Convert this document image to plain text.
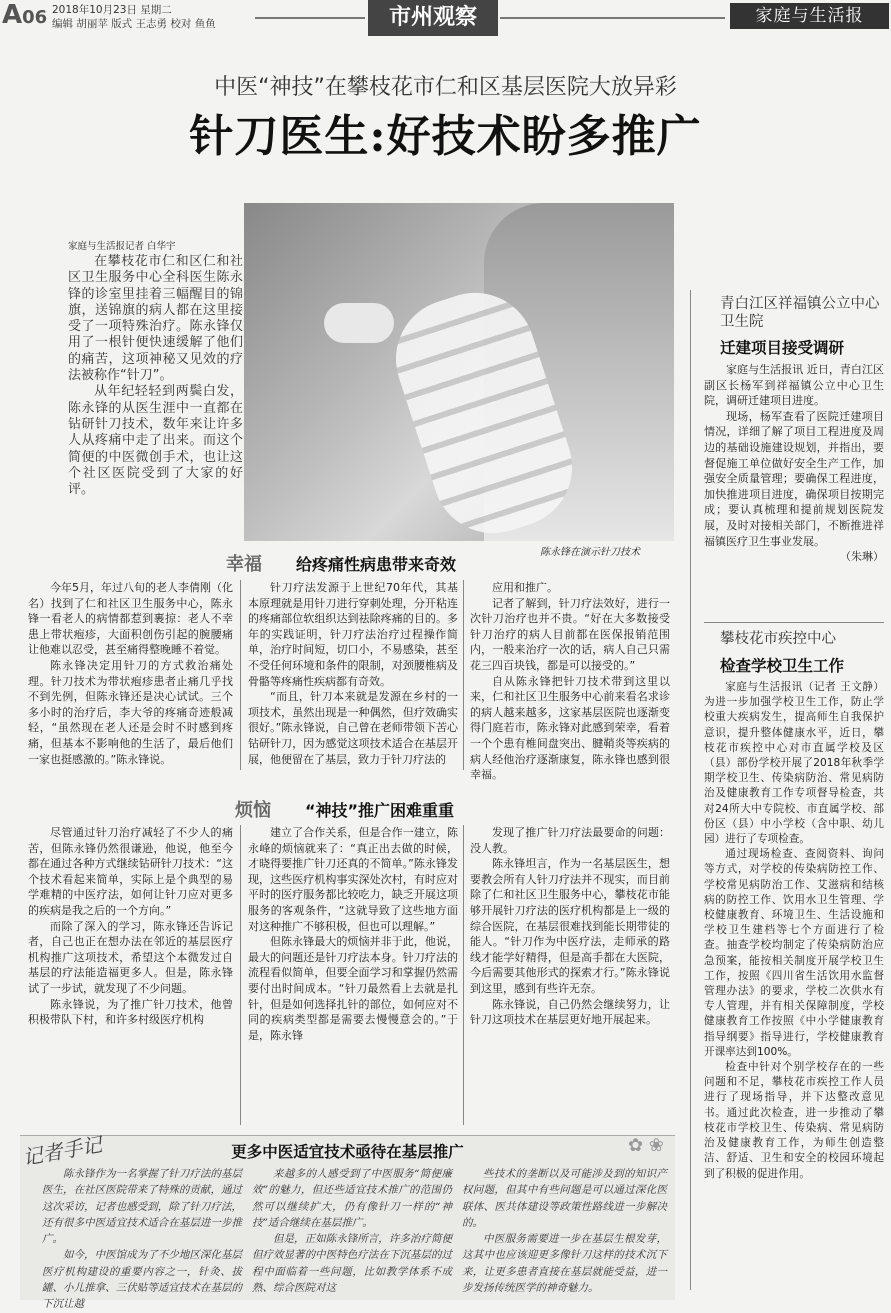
A06 2018年10月23日 星期二
编辑 胡丽苹 版式 王志勇 校对 鱼鱼	市州观察	家庭与生活报
中医“神技”在攀枝花市仁和区基层医院大放异彩
针刀医生:好技术盼多推广
家庭与生活报记者 白华宇

在攀枝花市仁和区仁和社区卫生服务中心全科医生陈永锋的诊室里挂着三幅醒目的锦旗，送锦旗的病人都在这里接受了一项特殊治疗。陈永锋仅用了一根针便快速缓解了他们的痛苦，这项神秘又见效的疗法被称作“针刀”。

从年纪轻轻到两鬓白发，陈永锋的从医生涯中一直都在钻研针刀技术，数年来让许多人从疼痛中走了出来。而这个简便的中医微创手术，也让这个社区医院受到了大家的好评。

陈永锋在演示针刀技术
幸福 给疼痛性病患带来奇效

今年5月，年过八旬的老人李倩刚（化名）找到了仁和社区卫生服务中心，陈永锋一看老人的病情都惹到裹掠：老人不幸患上带状疱疹，大面积创伤引起的腕腰痛让他难以忍受，甚至痛得整晚睡不着觉。

陈永锋决定用针刀的方式救治痛处理。针刀技术为带状疱疹患者止痛几乎找不到先例，但陈永锋还是决心试试。三个多小时的治疗后，李大爷的疼痛奇迹般减轻，“虽然现在老人还是会时不时感到疼痛，但基本不影响他的生活了，最后他们一家也挺感激的。”陈永锋说。

针刀疗法发源于上世纪70年代，其基本原理就是用针刀进行穿刺处理，分开粘连的疼痛部位软组织达到祛除疼痛的目的。多年的实践证明，针刀疗法治疗过程操作简单，治疗时间短，切口小，不易感染，甚至不受任何环境和条件的限制，对颈腰椎病及骨骼等疼痛性疾病都有奇效。

“而且，针刀本来就是发源在乡村的一项技术，虽然出现是一种偶然，但疗效确实很好。”陈永锋说，自己曾在老师带领下苦心钻研针刀，因为感觉这项技术适合在基层开展，他便留在了基层，致力于针刀疗法的

应用和推广。

记者了解到，针刀疗法效好，进行一次针刀治疗也并不贵。“好在大多数接受针刀治疗的病人目前都在医保报销范围内，一般来治疗一次的话，病人自己只需花三四百块钱，都是可以接受的。”

自从陈永锋把针刀技术带到这里以来，仁和社区卫生服务中心前来看名求诊的病人越来越多，这家基层医院也逐渐变得门庭若市，陈永锋对此感到荣幸，看着一个个患有椎间盘突出、腱鞘炎等疾病的病人经他治疗逐渐康复，陈永锋也感到很幸福。

烦恼 “神技”推广困难重重

尽管通过针刀治疗减轻了不少人的痛苦，但陈永锋仍然很谦逊，他说，他至今都在通过各种方式继续钻研针刀技术：“这个技术看起来简单，实际上是个典型的易学难精的中医疗法，如何让针刀应对更多的疾病是我之后的一个方向。”

而除了深入的学习，陈永锋还告诉记者，自己也正在想办法在邻近的基层医疗机构推广这项技术，希望这个本微发过自基层的疗法能造福更多人。但是，陈永锋试了一步试，就发现了不少问题。

陈永锋说，为了推广针刀技术，他曾积极带队下村，和许多村级医疗机构

建立了合作关系，但是合作一建立，陈永峰的烦恼就来了：“真正出去做的时候，才晓得要推广针刀还真的不简单。”陈永锋发现，这些医疗机构事实深处次村，有时应对平时的医疗服务都比较吃力，缺乏开展这项服务的客观条件，“这就导致了这些地方面对这种推广不够积极，但也可以理解。”

但陈永锋最大的烦恼并非于此，他说，最大的问题还是针刀疗法本身。针刀疗法的流程看似简单，但要全面学习和掌握仍然需要付出时间成本。“针刀最然看上去就是扎针，但是如何选择扎针的部位，如何应对不同的疾病类型都是需要去慢慢意会的。”于是，陈永锋

发现了推广针刀疗法最要命的问题：没人教。

陈永锋坦言，作为一名基层医生，想要教会所有人针刀疗法并不现实，而目前除了仁和社区卫生服务中心，攀枝花市能够开展针刀疗法的医疗机构都是上一级的综合医院，在基层很难找到能长期带徒的能人。“针刀作为中医疗法，走师承的路线才能学好精得，但是高手都在大医院，今后需要其他形式的探索才行。”陈永锋说到这里，感到有些许无奈。

陈永锋说，自己仍然会继续努力，让针刀这项技术在基层更好地开展起来。

记者手记	✿ ❀
更多中医适宜技术亟待在基层推广

陈永锋作为一名掌握了针刀疗法的基层医生，在社区医院带来了特殊的贡献，通过这次采访，记者也感受到，除了针刀疗法，还有很多中医适宜技术适合在基层进一步推广。

如今，中医馆成为了不少地区深化基层医疗机构建设的重要内容之一，针灸、拔罐、小儿推拿、三伏贴等适宜技术在基层的下沉让越

来越多的人感受到了中医服务“简便廉效”的魅力，但还些适宜技术推广的范围仍然可以继续扩大，仍有像针刀一样的“神技”适合继续在基层推广。

但是，正如陈永锋所言，许多治疗简便但疗效显著的中医特色疗法在下沉基层的过程中面临着一些问题，比如教学体系不成熟、综合医院对这

些技术的垄断以及可能涉及到的知识产权问题，但其中有些问题是可以通过深化医联体、医共体建设等政策性路线进一步解决的。

中医服务需要进一步在基层生根发芽，这其中也应该迎更多像针刀这样的技术沉下来，让更多患者直接在基层就能受益，进一步发扬传统医学的神奇魅力。

青白江区祥福镇公立中心卫生院
迁建项目接受调研

家庭与生活报讯 近日，青白江区副区长杨军到祥福镇公立中心卫生院，调研迁建项目进度。

现场，杨军查看了医院迁建项目情况，详细了解了项目工程进度及周边的基础设施建设规划，并指出，要督促施工单位做好安全生产工作，加强安全质量管理；要确保工程进度，加快推进项目进度，确保项目按期完成；要认真梳理和提前规划医院发展，及时对接相关部门，不断推进祥福镇医疗卫生事业发展。

（朱琳）
攀枝花市疾控中心
检查学校卫生工作

家庭与生活报讯（记者 王文静） 为进一步加强学校卫生工作，防止学校重大疾病发生，提高师生自我保护意识，提升整体健康水平，近日，攀枝花市疾控中心对市直属学校及区（县）部份学校开展了2018年秋季学期学校卫生、传染病防治、常见病防治及健康教育工作专项督导检查，共对24所大中专院校、市直属学校、部份区（县）中小学校（含中职、幼儿园）进行了专项检查。

通过现场检查、查阅资料、询问等方式，对学校的传染病防控工作、学校常见病防治工作、艾滋病和结核病的防控工作、饮用水卫生管理、学校健康教育、环境卫生、生活设施和学校卫生建档等七个方面进行了检查。抽查学校均制定了传染病防治应急预案，能按相关制度开展学校卫生工作，按照《四川省生活饮用水监督管理办法》的要求，学校二次供水有专人管理，并有相关保障制度，学校健康教育工作按照《中小学健康教育指导纲要》指导进行，学校健康教育开课率达到100%。

检查中针对个别学校存在的一些问题和不足，攀枝花市疾控工作人员进行了现场指导，并下达整改意见书。通过此次检查，进一步推动了攀枝花市学校卫生、传染病、常见病防治及健康教育工作，为师生创造整洁、舒适、卫生和安全的校园环境起到了积极的促进作用。
